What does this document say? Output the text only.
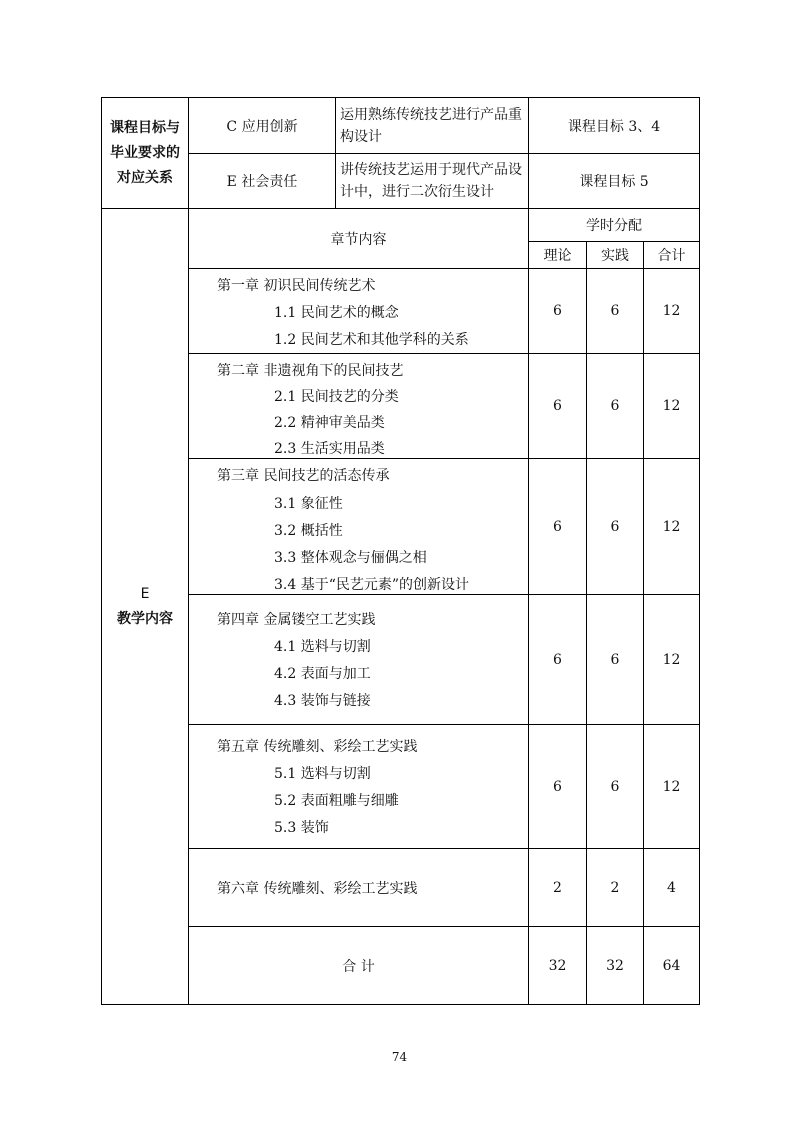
课程目标与
毕业要求的
对应关系	C 应用创新	运用熟练传统技艺进行产品重构设计	课程目标 3、4		
	E 社会责任	讲传统技艺运用于现代产品设计中，进行二次衍生设计	课程目标 5		

E
教学内容	章节内容		学时分配		
			理论	实践	合计

	第一章 初识民间传统艺术
1.1 民间艺术的概念
1.2 民间艺术和其他学科的关系		6	6	12

	第二章 非遗视角下的民间技艺
2.1 民间技艺的分类
2.2 精神审美品类
2.3 生活实用品类		6	6	12

	第三章 民间技艺的活态传承
3.1 象征性
3.2 概括性
3.3 整体观念与俪偶之相
3.4 基于“民艺元素”的创新设计		6	6	12

	第四章 金属镂空工艺实践
4.1 选料与切割
4.2 表面与加工
4.3 装饰与链接		6	6	12

	第五章 传统雕刻、彩绘工艺实践
5.1 选料与切割
5.2 表面粗雕与细雕
5.3 装饰		6	6	12

	第六章 传统雕刻、彩绘工艺实践		2	2	4
	合 计		32	32	64
74
